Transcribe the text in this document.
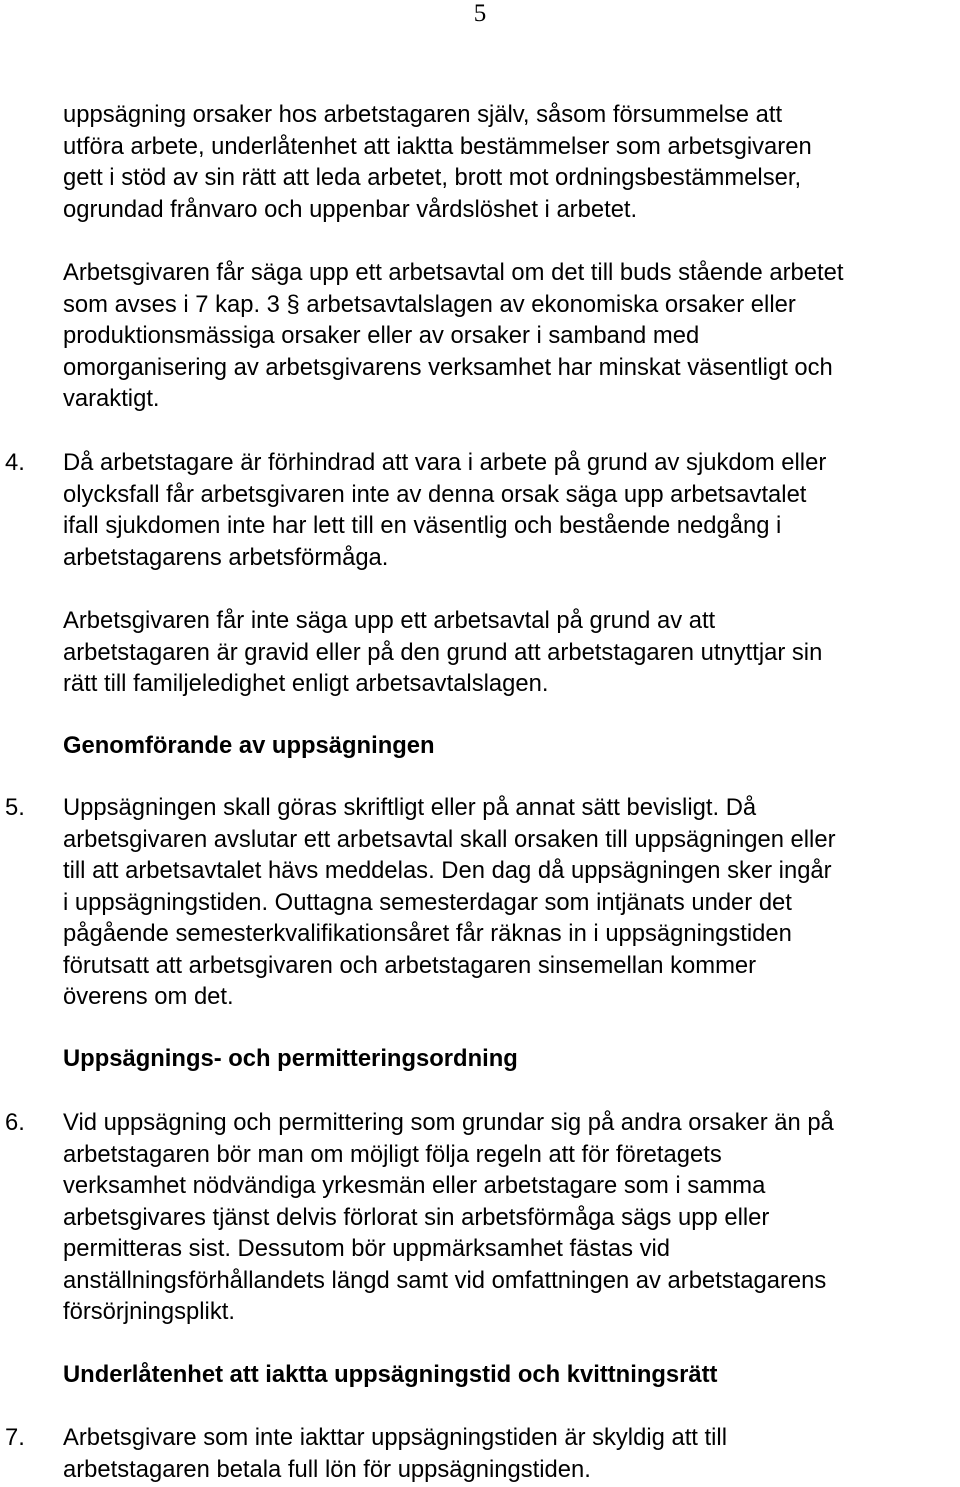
5
uppsägning orsaker hos arbetstagaren själv, såsom försummelse att
utföra arbete, underlåtenhet att iakttа bestämmelser som arbetsgivaren
gett i stöd av sin rätt att leda arbetet, brott mot ordningsbestämmelser,
ogrundad frånvaro och uppenbar vårdslöshet i arbetet.
Arbetsgivaren får säga upp ett arbetsavtal om det till buds stående arbetet
som avses i 7 kap. 3 § arbetsavtalslagen av ekonomiska orsaker eller
produktionsmässiga orsaker eller av orsaker i samband med
omorganisering av arbetsgivarens verksamhet har minskat väsentligt och
varaktigt.
4. Då arbetstagare är förhindrad att vara i arbete på grund av sjukdom eller
olycksfall får arbetsgivaren inte av denna orsak säga upp arbetsavtalet
ifall sjukdomen inte har lett till en väsentlig och bestående nedgång i
arbetstagarens arbetsförmåga.
Arbetsgivaren får inte säga upp ett arbetsavtal på grund av att
arbetstagaren är gravid eller på den grund att arbetstagaren utnyttjar sin
rätt till familjeledighet enligt arbetsavtalslagen.
Genomförande av uppsägningen
5. Uppsägningen skall göras skriftligt eller på annat sätt bevisligt. Då
arbetsgivaren avslutar ett arbetsavtal skall orsaken till uppsägningen eller
till att arbetsavtalet hävs meddelas. Den dag då uppsägningen sker ingår
i uppsägningstiden. Outtagna semesterdagar som intjänats under det
pågående semesterkvalifikationsåret får räknas in i uppsägningstiden
förutsatt att arbetsgivaren och arbetstagaren sinsemellan kommer
överens om det.
Uppsägnings- och permitteringsordning
6. Vid uppsägning och permittering som grundar sig på andra orsaker än på
arbetstagaren bör man om möjligt följa regeln att för företagets
verksamhet nödvändiga yrkesmän eller arbetstagare som i samma
arbetsgivares tjänst delvis förlorat sin arbetsförmåga sägs upp eller
permitteras sist. Dessutom bör uppmärksamhet fästas vid
anställningsförhållandets längd samt vid omfattningen av arbetstagarens
försörjningsplikt.
Underlåtenhet att iakttа uppsägningstid och kvittningsrätt
7. Arbetsgivare som inte iakttar uppsägningstiden är skyldig att till
arbetstagaren betala full lön för uppsägningstiden.
